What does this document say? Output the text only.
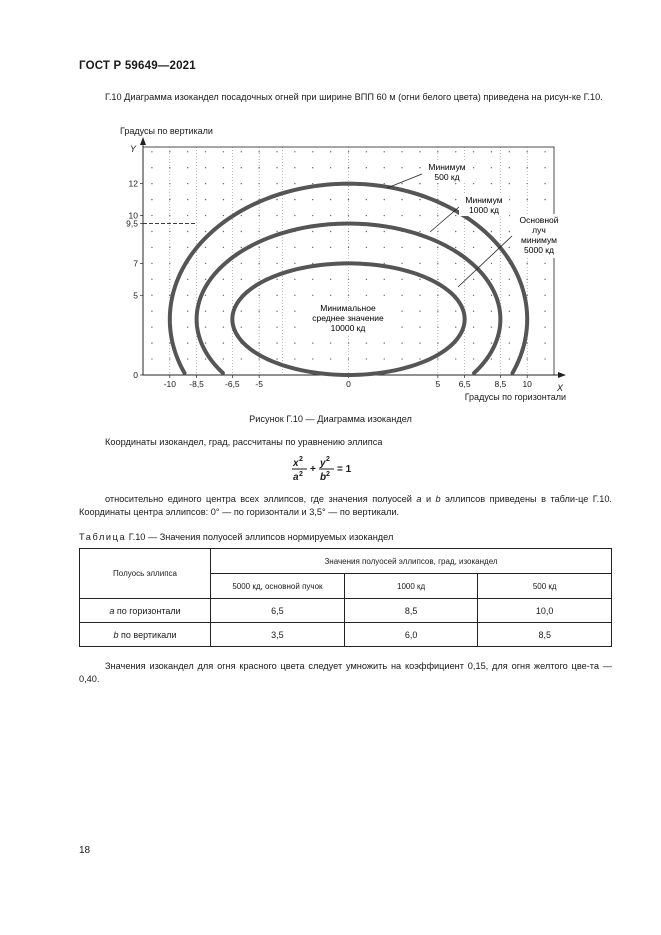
ГОСТ Р 59649—2021
Г.10 Диаграмма изокандел посадочных огней при ширине ВПП 60 м (огни белого цвета) приведена на рисун-ке Г.10.
-10 -8,5 -6,5 -5	0	5 6,5	8,5 10
0
5
7
9,5
10
12
Градусы по вертикали
Y
X
Градусы по горизонтали
Минимум
500 кд
Минимум
1000 кд
Основной
луч
минимум
5000 кд
Минимальное
среднее значение
10000 кд
Рисунок Г.10 — Диаграмма изокандел
Координаты изокандел, град, рассчитаны по уравнению эллипса
x 2
a 2 +
y 2
b 2 = 1
относительно единого центра всех эллипсов, где значения полуосей a и b эллипсов приведены в табли-це Г.10. Координаты центра эллипсов: 0° — по горизонтали и 3,5° — по вертикали.
Таблица Г.10 — Значения полуосей эллипсов нормируемых изокандел
Полуось эллипса	Значения полуосей эллипсов, град, изокандел		
	5000 кд, основной пучок	1000 кд	500 кд
a по горизонтали	6,5	8,5	10,0
b по вертикали	3,5	6,0	8,5
Значения изокандел для огня красного цвета следует умножить на коэффициент 0,15, для огня желтого цве-та — 0,40.
18
